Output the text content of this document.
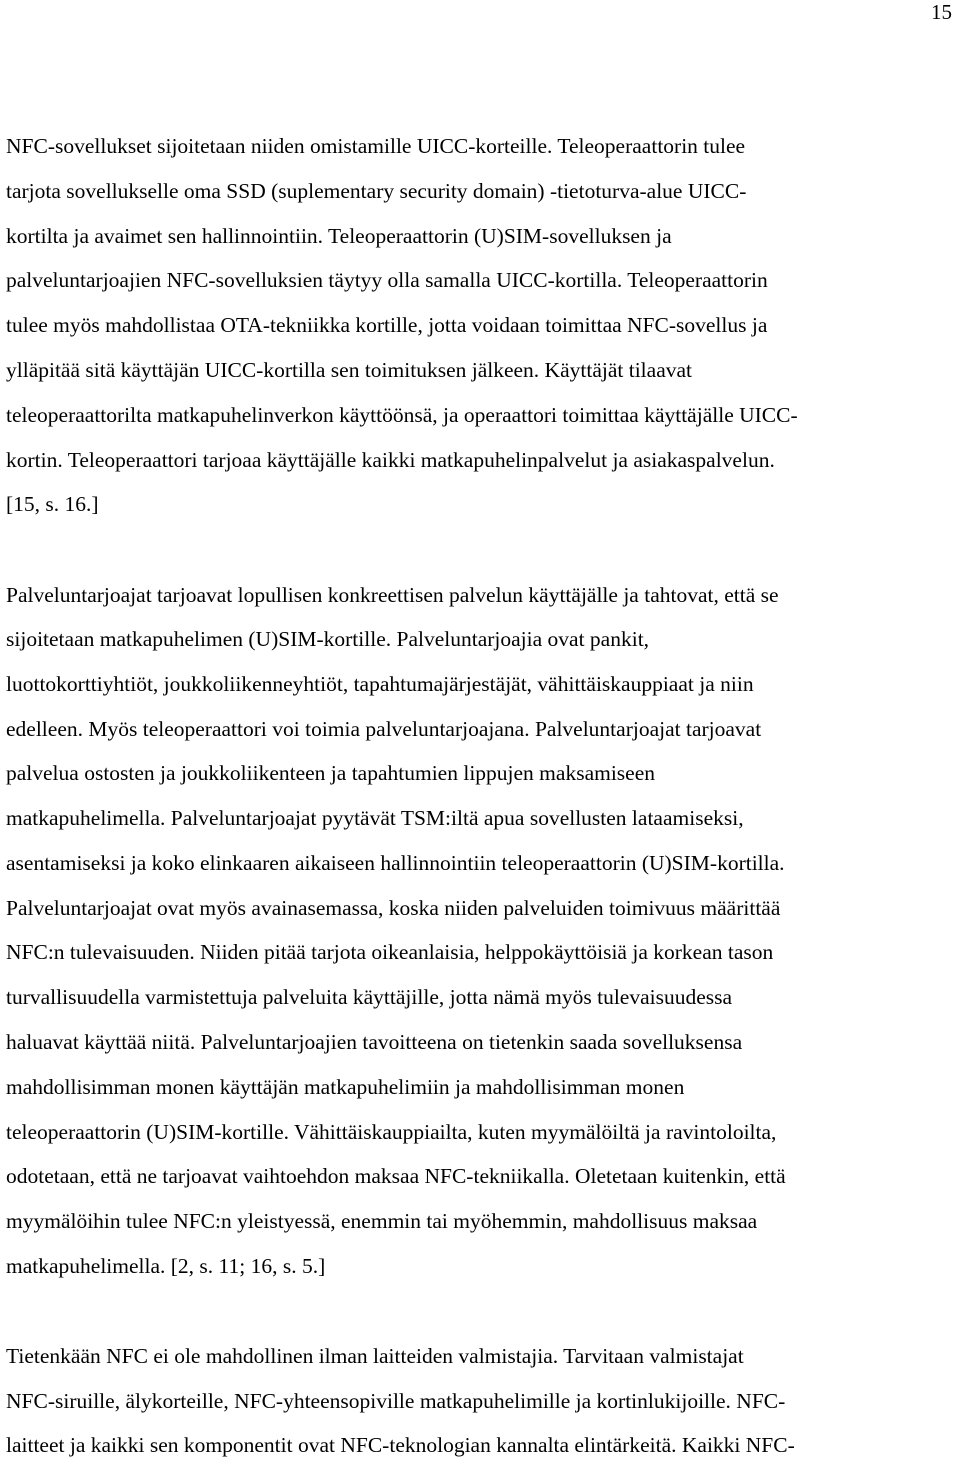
15
NFC-sovellukset sijoitetaan niiden omistamille UICC-korteille. Teleoperaattorin tulee
tarjota sovellukselle oma SSD (suplementary security domain) -tietoturva-alue UICC-
kortilta ja avaimet sen hallinnointiin. Teleoperaattorin (U)SIM-sovelluksen ja
palveluntarjoajien NFC-sovelluksien täytyy olla samalla UICC-kortilla. Teleoperaattorin
tulee myös mahdollistaa OTA-tekniikka kortille, jotta voidaan toimittaa NFC-sovellus ja
ylläpitää sitä käyttäjän UICC-kortilla sen toimituksen jälkeen. Käyttäjät tilaavat
teleoperaattorilta matkapuhelinverkon käyttöönsä, ja operaattori toimittaa käyttäjälle UICC-
kortin. Teleoperaattori tarjoaa käyttäjälle kaikki matkapuhelinpalvelut ja asiakaspalvelun.
[15, s. 16.]
Palveluntarjoajat tarjoavat lopullisen konkreettisen palvelun käyttäjälle ja tahtovat, että se
sijoitetaan matkapuhelimen (U)SIM-kortille. Palveluntarjoajia ovat pankit,
luottokorttiyhtiöt, joukkoliikenneyhtiöt, tapahtumajärjestäjät, vähittäiskauppiaat ja niin
edelleen. Myös teleoperaattori voi toimia palveluntarjoajana. Palveluntarjoajat tarjoavat
palvelua ostosten ja joukkoliikenteen ja tapahtumien lippujen maksamiseen
matkapuhelimella. Palveluntarjoajat pyytävät TSM:iltä apua sovellusten lataamiseksi,
asentamiseksi ja koko elinkaaren aikaiseen hallinnointiin teleoperaattorin (U)SIM-kortilla.
Palveluntarjoajat ovat myös avainasemassa, koska niiden palveluiden toimivuus määrittää
NFC:n tulevaisuuden. Niiden pitää tarjota oikeanlaisia, helppokäyttöisiä ja korkean tason
turvallisuudella varmistettuja palveluita käyttäjille, jotta nämä myös tulevaisuudessa
haluavat käyttää niitä. Palveluntarjoajien tavoitteena on tietenkin saada sovelluksensa
mahdollisimman monen käyttäjän matkapuhelimiin ja mahdollisimman monen
teleoperaattorin (U)SIM-kortille. Vähittäiskauppiailta, kuten myymälöiltä ja ravintoloilta,
odotetaan, että ne tarjoavat vaihtoehdon maksaa NFC-tekniikalla. Oletetaan kuitenkin, että
myymälöihin tulee NFC:n yleistyessä, enemmin tai myöhemmin, mahdollisuus maksaa
matkapuhelimella. [2, s. 11; 16, s. 5.]
Tietenkään NFC ei ole mahdollinen ilman laitteiden valmistajia. Tarvitaan valmistajat
NFC-siruille, älykorteille, NFC-yhteensopiville matkapuhelimille ja kortinlukijoille. NFC-
laitteet ja kaikki sen komponentit ovat NFC-teknologian kannalta elintärkeitä. Kaikki NFC-
